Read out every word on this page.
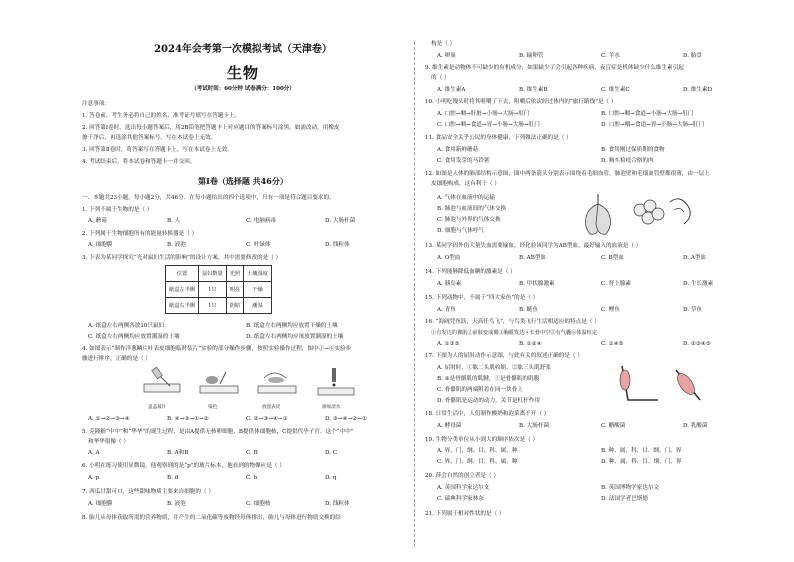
2024年会考第一次模拟考试（天津卷）
生物
（考试时间：60分钟 试卷满分：100分）
注意事项：
1. 答卷前，考生务必将自己的姓名、准考证号填写在答题卡上。
2. 回答第Ⅰ卷时，选出每小题答案后，用2B铅笔把答题卡上对应题目的答案标号涂黑。如需改动，用橡皮
擦干净后，再选涂其他答案标号。写在本试卷上无效。
3. 回答第Ⅱ卷时，将答案写在答题卡上。写在本试卷上无效。
4. 考试结束后，将本试卷和答题卡一并交回。
第Ⅰ卷（选择题 共46分）
一、本题共23小题，每小题2分，共46分。在每小题给出的四个选项中，只有一项是符合题目要求的。
1. 下列不属于生物的是（ ）
A. 蘑菇	B. 人	C. 电脑病毒	D. 大肠杆菌
2. 下列属于生物细胞所有的能量转换器是（ ）
A. 细胞膜	B. 液泡	C. 叶绿体	D. 线粒体
3. 下表为某同学探究“光对鼠妇生活的影响”的设计方案，其中需要修改的是（ ）
位置	鼠妇数量	光照	土壤湿度
纸盒左半侧	1只	明亮	干燥
纸盒右半侧	1只	阴暗	潮湿
A. 纸盒左右两侧各放10只鼠妇	B. 纸盒左右两侧均应放置干燥的土壤
C. 纸盒左右两侧均应放置潮湿的土壤	D. 纸盒左右两侧均应该放置潮湿的土壤
4. 如图表示“制作洋葱鳞片叶表皮细胞临时装片”实验的部分操作步骤，按照实验操作过程，图中①→④实验步
骤进行排序，正确的是（ ）
盖盖玻片	染色	放置表皮	滴加清水
A. ①→②→③→④	B. ④→③→①→②	C. ②→③→④→①	D. ③→④→②→①
5. 克隆猴“中中”和“华华”的诞生过程，是由A提供无核卵细胞，B提供体细胞核，C提供代孕子宫。这个“中中”
和华华很像（ ）
A. A	B. A和B	C. B	D. C
6. 小明在练习使用显微镜，他观察到的是“p”的玻片标本，他看到的物像应是（ ）
A. p	B. d	C. b	D. q
7. 西瓜甘甜可口，这些甜味物质主要来自细胞的（ ）
A. 细胞膜	B. 液泡	C. 细胞核	D. 线粒体
8. 胎儿从母体获取所需的营养物质，并产生的二氧化碳等废物经母体排出，胎儿与母体进行物质交换的结
构是（ ）
A. 卵巢	B. 输卵管	C. 羊水	D. 胎盘
9. 维生素是动物体不可缺少的有机成分，如果缺少了会引起各种疾病，夜盲症是机体缺少什么维生素引起
的（ ）
A. 维生素A	B. 维生素B	C. 维生素C	D. 维生素D
10. 小明吃馒头时将其咀嚼了下去，咀嚼后依次经过体内的“旅行路线”是（ ）
A. 口腔→咽→肝脏→小肠→大肠→肛门	B. 口腔→咽→食道→小肠→大肠→肛门
C. 口腔→咽→食道→胃→小肠→大肠→肛门	D. 口腔→咽→食道→胃→小肠→大肠→肛门
11. 食品安全关乎公民的身体健康，下列做法正确的是（ ）
A. 食用新鲜蘑菇	B. 食用刚过保质期的食物
C. 食用发芽的马铃薯	D. 购买检疫合格的肉
12. 如图是人体的肺部结构示意图，图中两条箭头分别表示围绕着毛细血管，肺泡壁和毛细血管壁都很薄，由一层上
皮细胞构成，这有利于（ ）
A. 气体在血液中的运输
B. 肺泡与血液间的气体交换
C. 肺泡与外界的气体交换
D. 细胞与气体呼气
13. 某同学因外伤大量失血需要输血，经化验该同学为AB型血，最好输入的血液是（ ）
A. O型血	B. AB型血	C. B型血	D. A型血
14. 下列能够降低血糖的激素是（ ）
A. 胰岛素	B. 甲状腺激素	C. 肾上腺素	D. 生长激素
15. 下列动物中，不属于“四大家鱼”的是（ ）
A. 青鱼	B. 鲢鱼	C. 鲤鱼	D. 草鱼
16. “海阔凭鱼跃，天高任鸟飞”，与鸟类飞行生活相适应的特点是（ ）
①有发达的翼肌②前肢变成翼③胸肌发达④长骨中空⑤有气囊⑥体温恒定
A. ①③⑤	B. ①②④	C. ①④⑤	D. ②③④⑤
17. 下图为人的屈肘动作示意图，与此有关的叙述正确的是（ ）
A. 屈肘时，①肱二头肌收缩，②肱三头肌舒张
B. ②是骨骼肌的肌腱，①是骨骼肌的肌腹
C. 骨骼肌的两端附着在同一块骨上
D. 骨骼肌是运动的动力，关节是杠杆作用
18. 日常生活中，人们制作酸奶和泡菜离不开（ ）
A. 酵母菌	B. 大肠杆菌	C. 醋酸菌	D. 乳酸菌
19. 生物分类单位从小到大的顺序依次是（ ）
A. 界、门、纲、目、科、属、种	B. 种、属、科、目、纲、门、界
C. 界、门、纲、目、科、属、种	D. 种、属、科、目、纲、门、界
20. 莎会自然的创立者是（ ）
A. 英国科学家达尔文	B. 英国博物学家达尔文
C. 瑞典科学家林奈	D. 法国学者巴斯德
21. 下列属于相对性状的是（ ）
